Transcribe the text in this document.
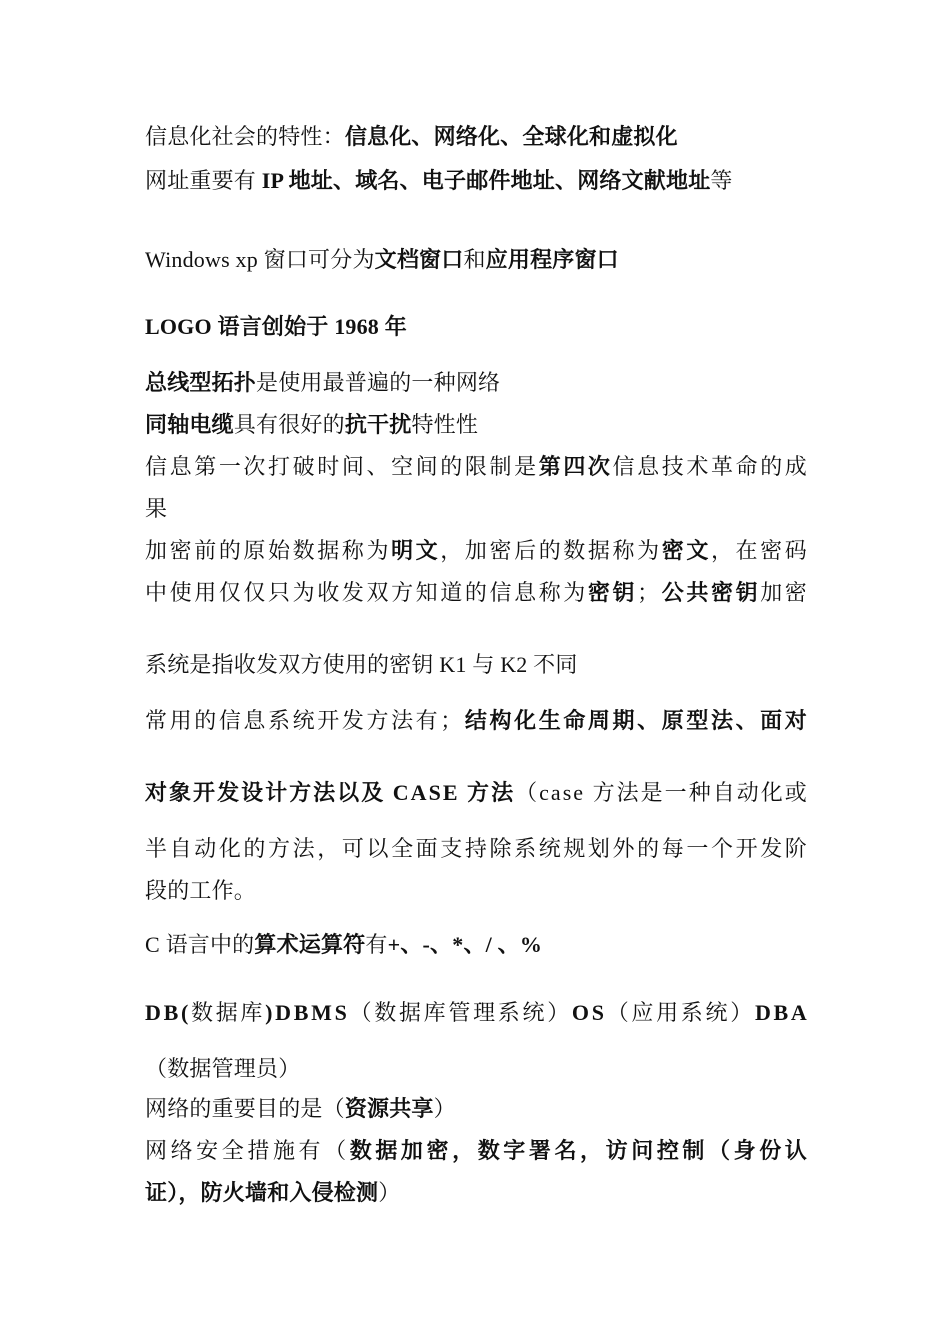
信息化社会的特性：信息化、网络化、全球化和虚拟化
网址重要有 IP 地址、域名、电子邮件地址、网络文献地址等
Windows xp 窗口可分为文档窗口和应用程序窗口
LOGO 语言创始于 1968 年
总线型拓扑是使用最普遍的一种网络
同轴电缆具有很好的抗干扰特性性
信息第一次打破时间、空间的限制是第四次信息技术革命的成
果
加密前的原始数据称为明文，加密后的数据称为密文，在密码
中使用仅仅只为收发双方知道的信息称为密钥；公共密钥加密
系统是指收发双方使用的密钥 K1 与 K2 不同
常用的信息系统开发方法有；结构化生命周期、原型法、面对
对象开发设计方法以及 CASE 方法（case 方法是一种自动化或
半自动化的方法，可以全面支持除系统规划外的每一个开发阶
段的工作。
C 语言中的算术运算符有+、-、*、/ 、%
DB(数据库)DBMS（数据库管理系统）OS（应用系统）DBA
（数据管理员）
网络的重要目的是（资源共享）
网络安全措施有（数据加密，数字署名，访问控制（身份认
证），防火墙和入侵检测）
